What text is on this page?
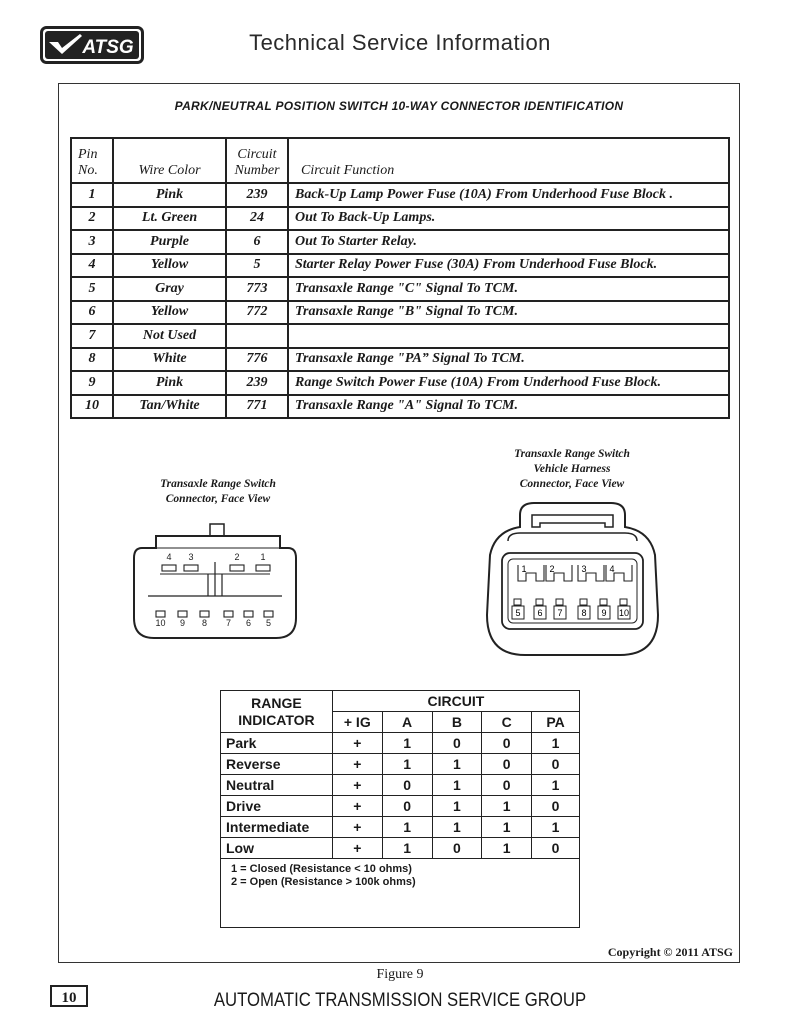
ATSG	Technical Service Information
PARK/NEUTRAL POSITION SWITCH 10-WAY CONNECTOR IDENTIFICATION
Pin
No.	Wire Color	Circuit
Number	Circuit Function
1	Pink	239	Back-Up Lamp Power Fuse (10A) From Underhood Fuse Block .
2	Lt. Green	24	Out To Back-Up Lamps.
3	Purple	6	Out To Starter Relay.
4	Yellow	5	Starter Relay Power Fuse (30A) From Underhood Fuse Block.
5	Gray	773	Transaxle Range "C" Signal To TCM.
6	Yellow	772	Transaxle Range "B" Signal To TCM.
7	Not Used		
8	White	776	Transaxle Range "PA” Signal To TCM.
9	Pink	239	Range Switch Power Fuse (10A) From Underhood Fuse Block.
10	Tan/White	771	Transaxle Range "A" Signal To TCM.
Transaxle Range Switch
Connector, Face View
Transaxle Range Switch
Vehicle Harness
Connector, Face View
4 3	2 1
10 9 8 7 6 5
1	2	3	4
5 6 7 8 9 10
RANGE
INDICATOR	CIRCUIT				
	+ IG	A	B	C	PA
Park	+	1	0	0	1
Reverse	+	1	1	0	0
Neutral	+	0	1	0	1
Drive	+	0	1	1	0
Intermediate	+	1	1	1	1
Low	+	1	0	1	0

1 = Closed (Resistance < 10 ohms)
2 = Open (Resistance > 100k ohms)					
Copyright © 2011 ATSG
Figure 9
10	AUTOMATIC TRANSMISSION SERVICE GROUP
